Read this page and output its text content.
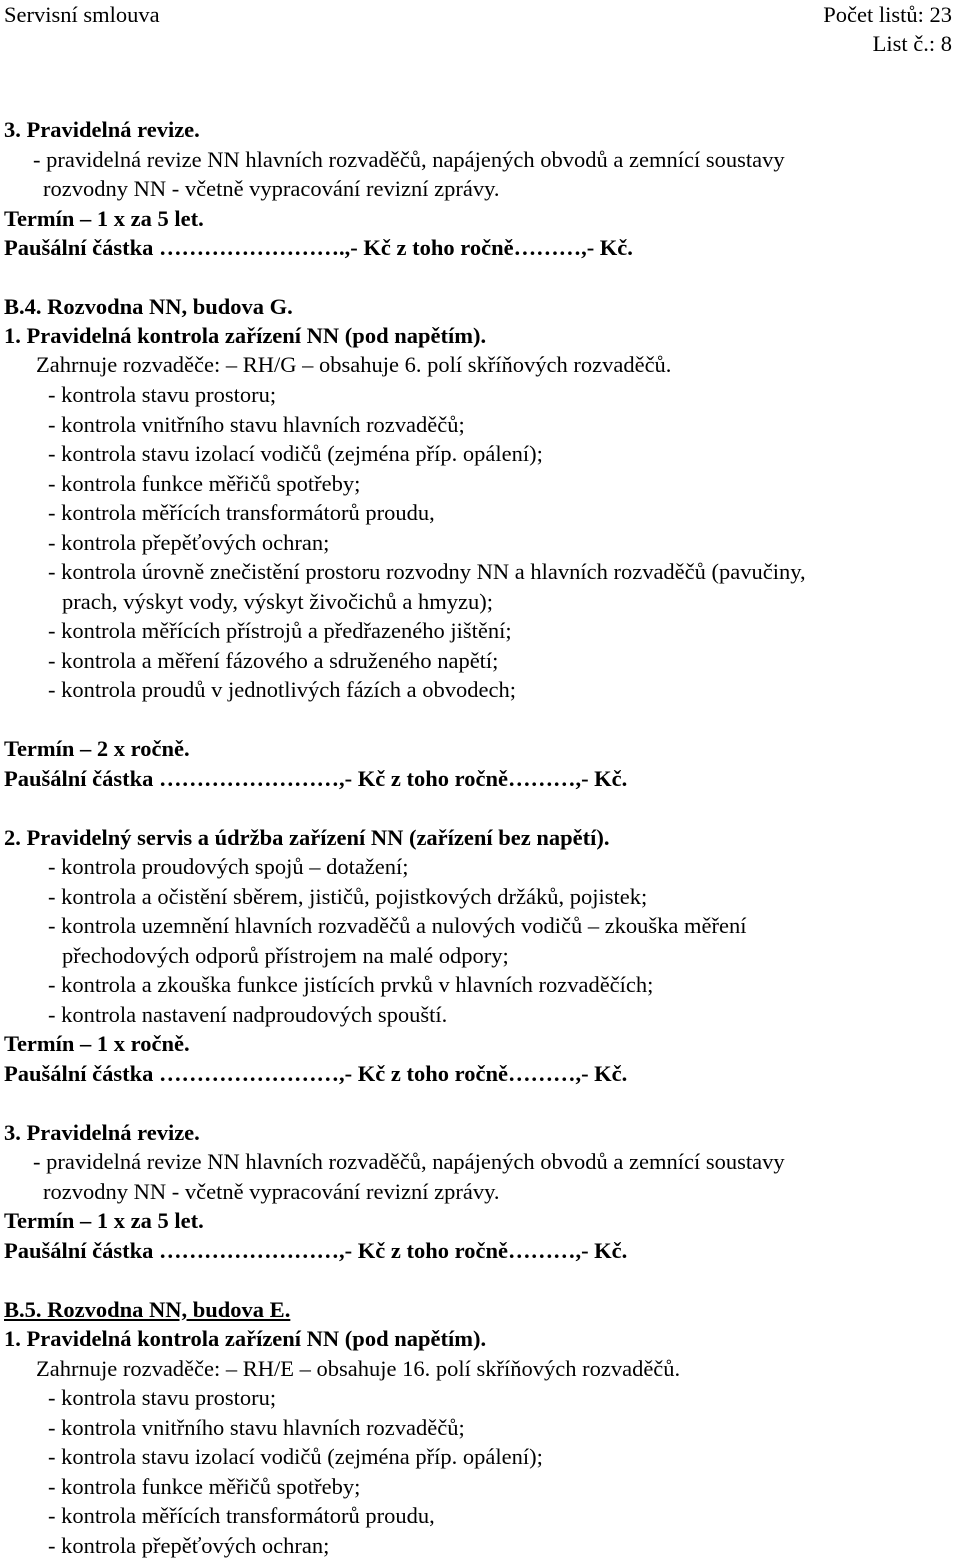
Servisní smlouva	Počet listů: 23
List č.: 8
3. Pravidelná revize.
- pravidelná revize NN hlavních rozvaděčů, napájených obvodů a zemnící soustavy
rozvodny NN - včetně vypracování revizní zprávy.
Termín – 1 x za 5 let.
Paušální částka …………………….,- Kč z toho ročně………,- Kč.
B.4. Rozvodna NN, budova G.
1. Pravidelná kontrola zařízení NN (pod napětím).
Zahrnuje rozvaděče: – RH/G – obsahuje 6. polí skříňových rozvaděčů.
- kontrola stavu prostoru;
- kontrola vnitřního stavu hlavních rozvaděčů;
- kontrola stavu izolací vodičů (zejména příp. opálení);
- kontrola funkce měřičů spotřeby;
- kontrola měřících transformátorů proudu,
- kontrola přepěťových ochran;
- kontrola úrovně znečistění prostoru rozvodny NN a hlavních rozvaděčů (pavučiny,
prach, výskyt vody, výskyt živočichů a hmyzu);
- kontrola měřících přístrojů a předřazeného jištění;
- kontrola a měření fázového a sdruženého napětí;
- kontrola proudů v jednotlivých fázích a obvodech;
Termín – 2 x ročně.
Paušální částka ……………………,- Kč z toho ročně………,- Kč.
2. Pravidelný servis a údržba zařízení NN (zařízení bez napětí).
- kontrola proudových spojů – dotažení;
- kontrola a očistění sběrem, jističů, pojistkových držáků, pojistek;
- kontrola uzemnění hlavních rozvaděčů a nulových vodičů – zkouška měření
přechodových odporů přístrojem na malé odpory;
- kontrola a zkouška funkce jistících prvků v hlavních rozvaděčích;
- kontrola nastavení nadproudových spouští.
Termín – 1 x ročně.
Paušální částka ……………………,- Kč z toho ročně………,- Kč.
3. Pravidelná revize.
- pravidelná revize NN hlavních rozvaděčů, napájených obvodů a zemnící soustavy
rozvodny NN - včetně vypracování revizní zprávy.
Termín – 1 x za 5 let.
Paušální částka ……………………,- Kč z toho ročně………,- Kč.
B.5. Rozvodna NN, budova E.
1. Pravidelná kontrola zařízení NN (pod napětím).
Zahrnuje rozvaděče: – RH/E – obsahuje 16. polí skříňových rozvaděčů.
- kontrola stavu prostoru;
- kontrola vnitřního stavu hlavních rozvaděčů;
- kontrola stavu izolací vodičů (zejména příp. opálení);
- kontrola funkce měřičů spotřeby;
- kontrola měřících transformátorů proudu,
- kontrola přepěťových ochran;
